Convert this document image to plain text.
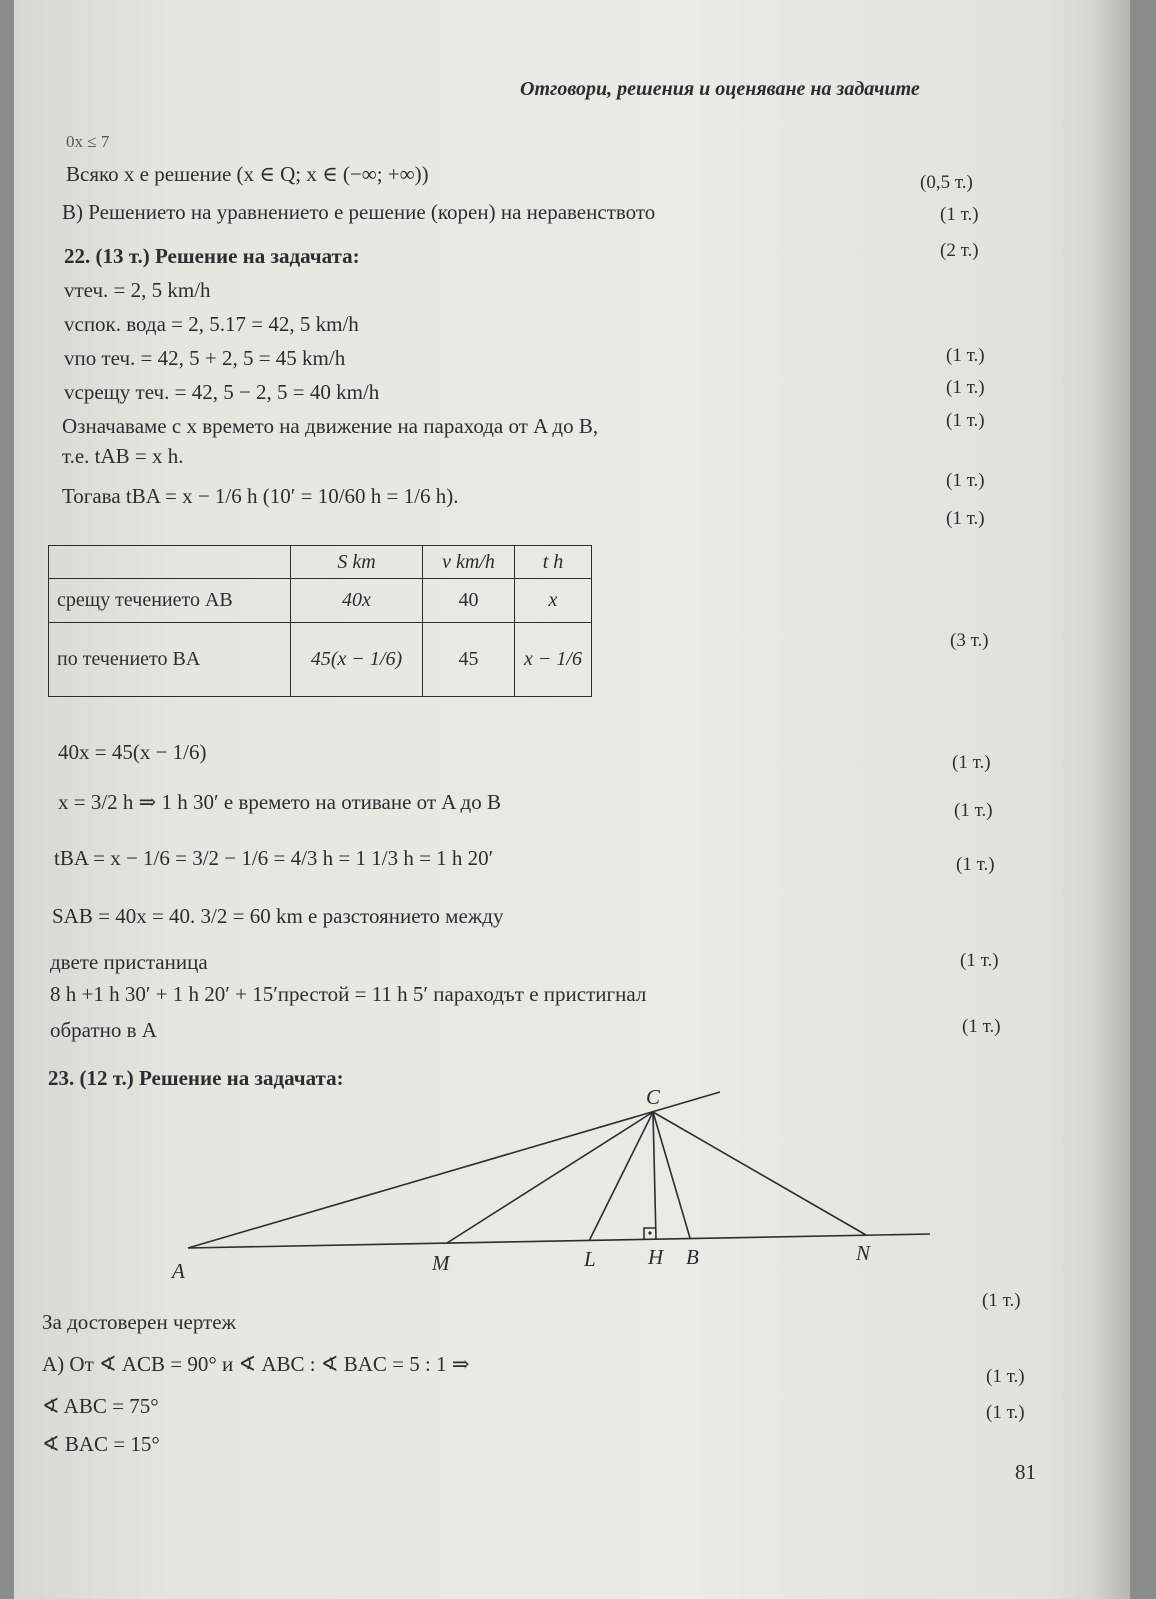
Отговори, решения и оценяване на задачите
0x ≤ 7
Всяко x е решение (x ∈ Q; x ∈ (−∞; +∞))	(0,5 т.)
В) Решението на уравнението е решение (корен) на неравенството	(1 т.)
(2 т.)
22. (13 т.) Решение на задачата:
vтеч. = 2, 5 km/h
vспок. вода = 2, 5.17 = 42, 5 km/h
vпо теч. = 42, 5 + 2, 5 = 45 km/h	(1 т.)
vсрещу теч. = 42, 5 − 2, 5 = 40 km/h	(1 т.)
Означаваме с x времето на движение на парахода от A до B,	(1 т.)
т.е. tAB = x h.
Тогава tBA = x − 1/6 h (10′ = 10/60 h = 1/6 h).
(1 т.)
(1 т.)
	S km	v km/h	t h
срещу течението AB	40x	40	x
по течението BA	45(x − 1/6)	45	x − 1/6
(3 т.)
40x = 45(x − 1/6)	(1 т.)
x = 3/2 h ⇒ 1 h 30′ е времето на отиване от A до B	(1 т.)
tBA = x − 1/6 = 3/2 − 1/6 = 4/3 h = 1 1/3 h = 1 h 20′	(1 т.)
SAB = 40x = 40. 3/2 = 60 km е разстоянието между
двете пристаница	(1 т.)
8 h +1 h 30′ + 1 h 20′ + 15′престой = 11 h 5′ параходът е пристигнал
обратно в A	(1 т.)
23. (12 т.) Решение на задачата:
C
A	M	L H B	N
(1 т.)
За достоверен чертеж
А) От ∢ ACB = 90° и ∢ ABC : ∢ BAC = 5 : 1 ⇒
(1 т.)
∢ ABC = 75°	(1 т.)
∢ BAC = 15°
81
